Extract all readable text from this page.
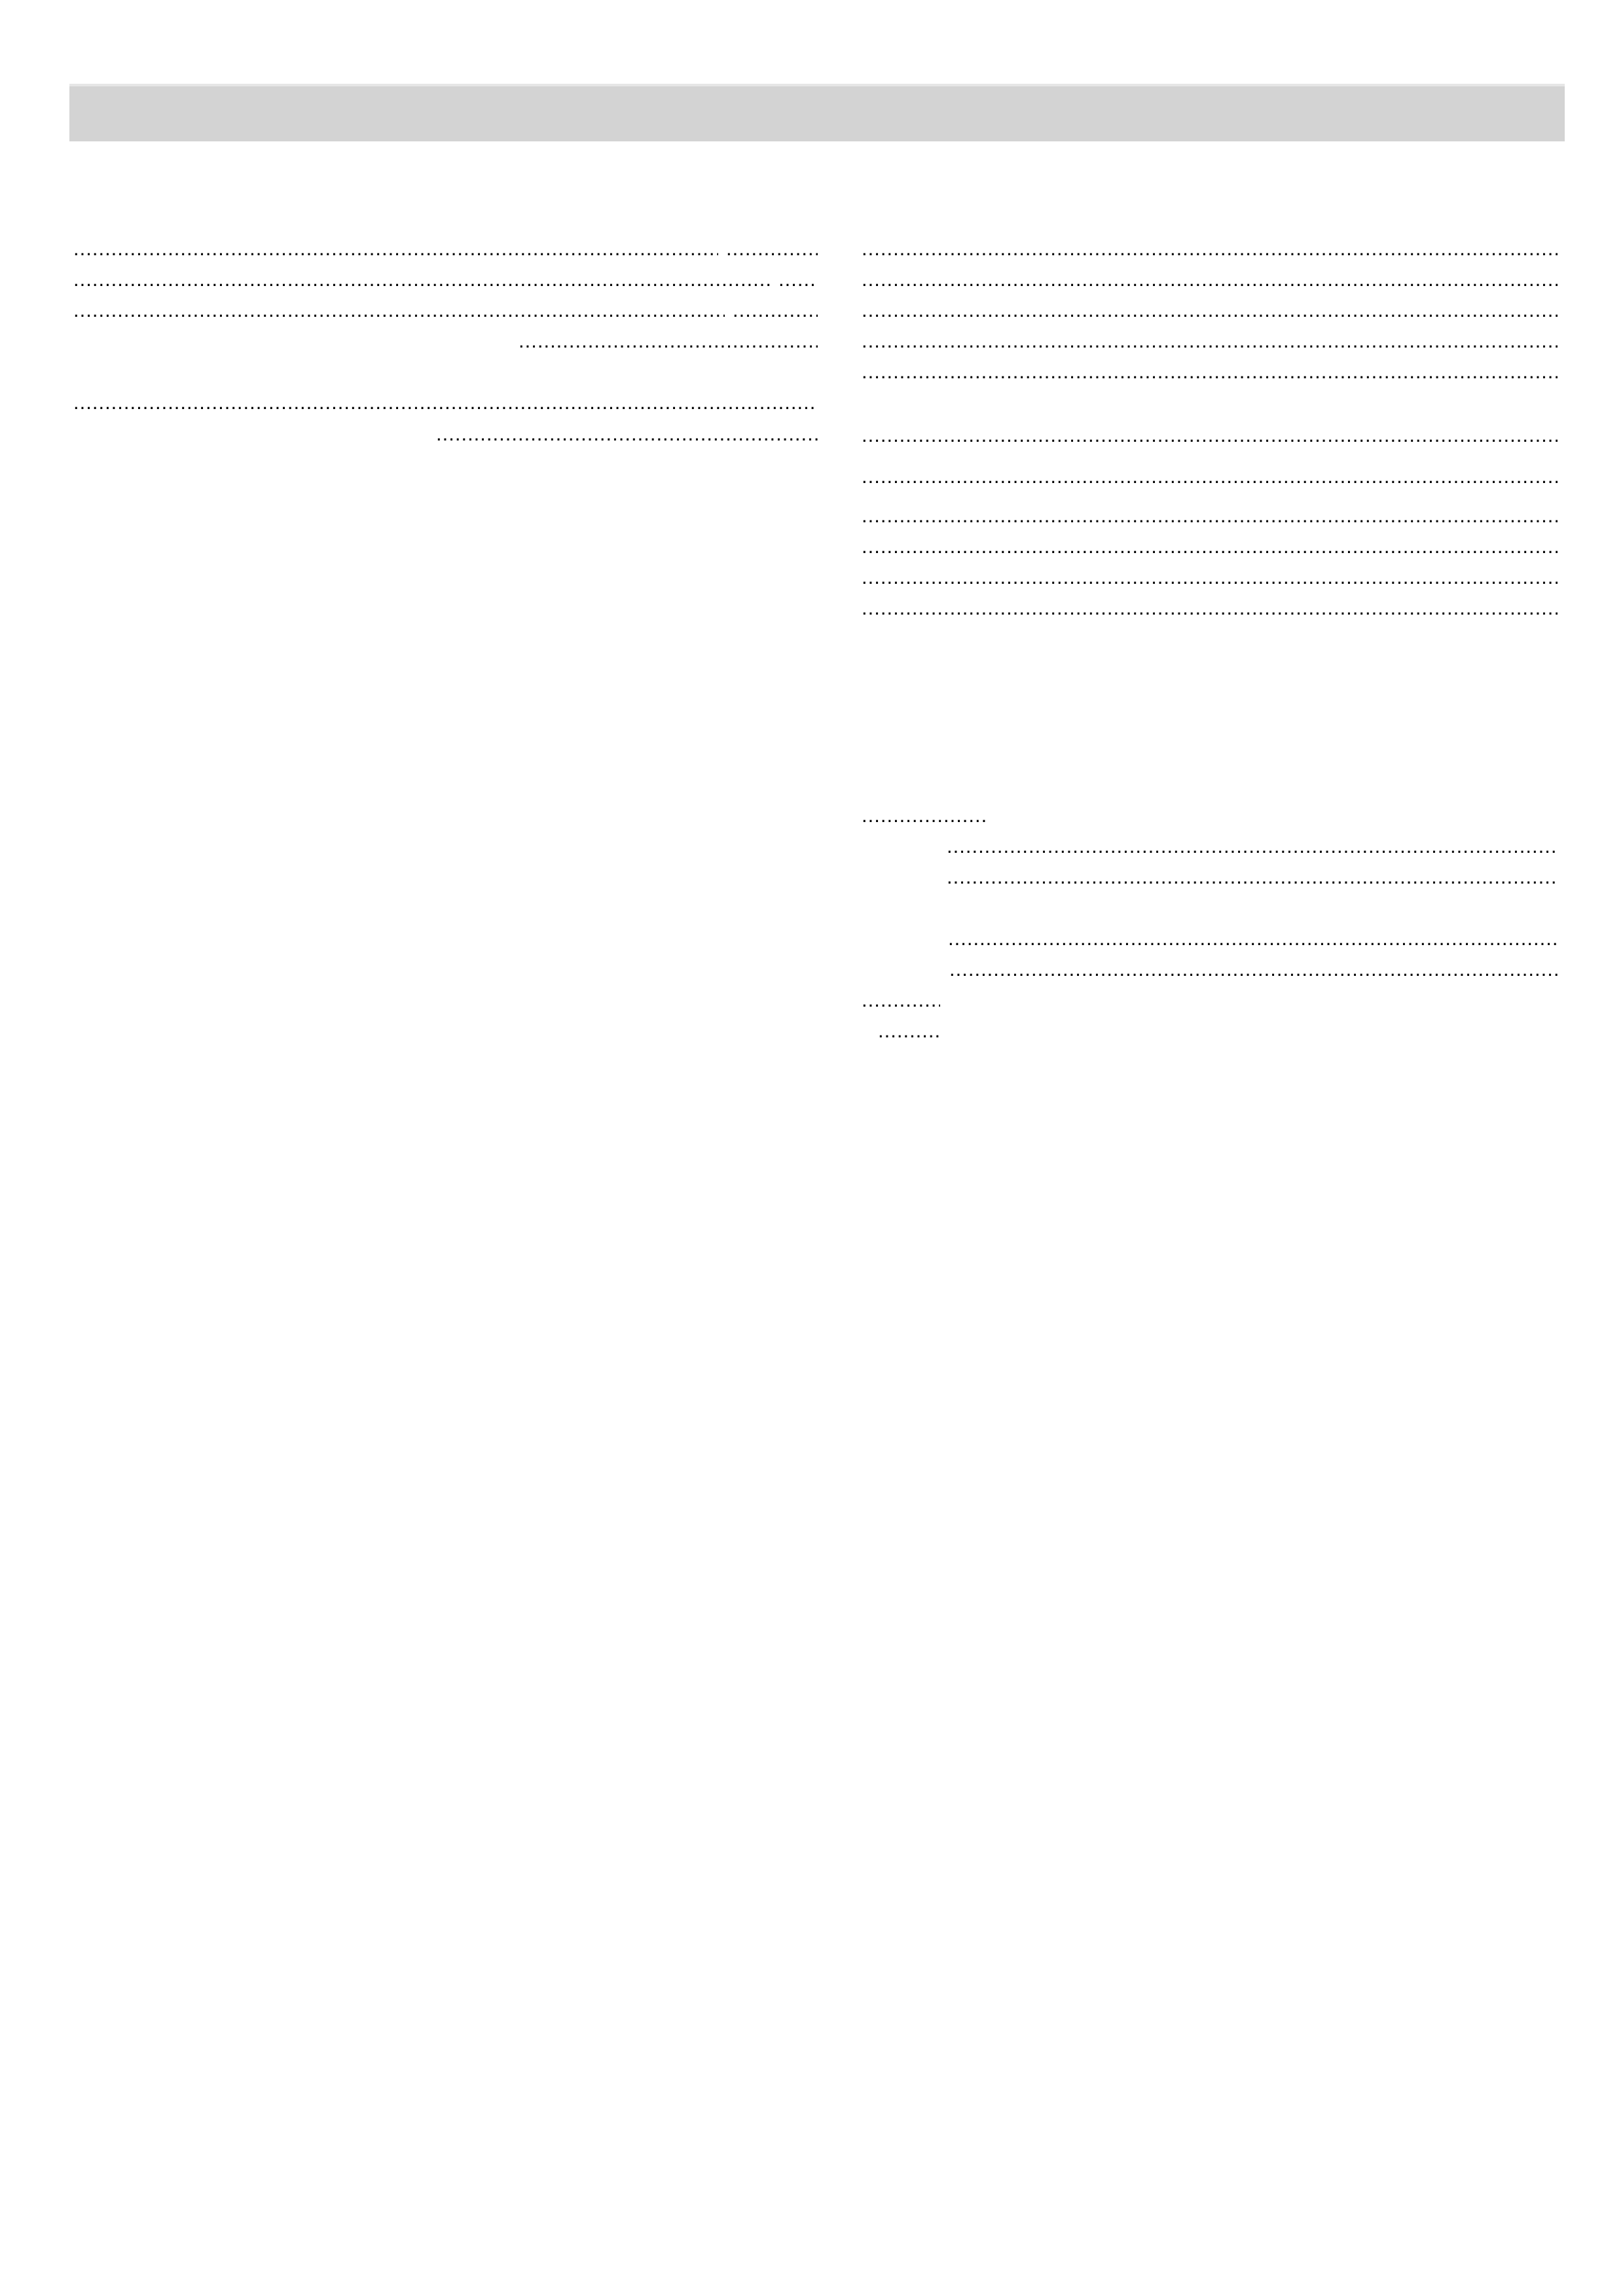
.....
.....
.....
.....
.....
.....
.....
.....
.....
.....
.....
.....
.....
.....
.....
.....
.....
.....
.....
.....
.....
.....
.....
.....
.....
.....
.....
